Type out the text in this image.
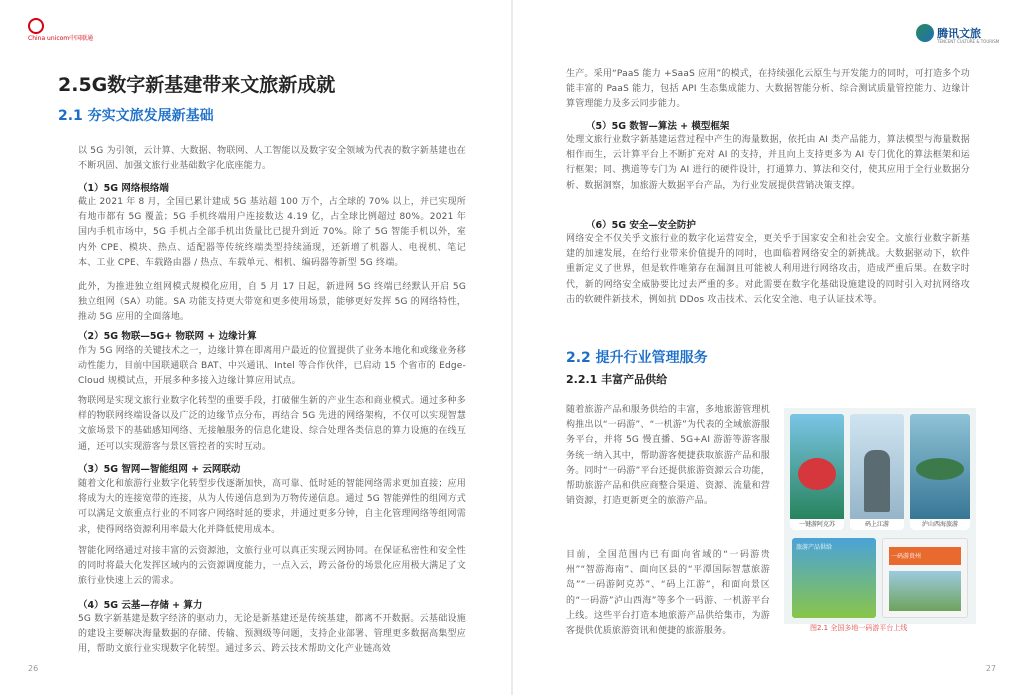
China unicom中国联通
2.5G数字新基建带来文旅新成就
2.1 夯实文旅发展新基础

以 5G 为引领，云计算、大数据、物联网、人工智能以及数字安全领域为代表的数字新基建也在不断巩固、加强文旅行业基础数字化底座能力。

（1）5G 网络根络端

截止 2021 年 8 月，全国已累计建成 5G 基站超 100 万个，占全球的 70% 以上，并已实现所有地市都有 5G 覆盖；5G 手机终端用户连接数达 4.19 亿，占全球比例超过 80%。2021 年国内手机市场中，5G 手机占全部手机出货量比已提升到近 70%。除了 5G 智能手机以外，室内外 CPE、模块、热点、适配器等传统终端类型持续涌现，还新增了机器人、电视机、笔记本、工业 CPE、车载路由器 / 热点、车载单元、相机、编码器等新型 5G 终端。

此外，为推进独立组网模式规模化应用，自 5 月 17 日起，新进网 5G 终端已经默认开启 5G 独立组网（SA）功能。SA 功能支持更大带宽和更多使用场景，能够更好发挥 5G 的网络特性，推动 5G 应用的全面落地。

（2）5G 物联—5G+ 物联网 + 边缘计算

作为 5G 网络的关键技术之一，边缘计算在即离用户最近的位置提供了业务本地化和或缘业务移动性能力，目前中国联通联合 BAT、中兴通讯、Intel 等合作伙伴，已启动 15 个省市的 Edge-Cloud 规模试点，开展多种多接入边缘计算应用试点。

物联网是实现文旅行业数字化转型的重要手段，打破催生新的产业生态和商业模式。通过多种多样的物联网终端设备以及广泛的边缘节点分布，再结合 5G 先进的网络架构，不仅可以实现智慧文旅场景下的基础感知网络、无接触服务的信息化建设、综合处理各类信息的算力设施的在线互通，还可以实现游客与景区管控者的实时互动。

（3）5G 智网—智能组网 + 云网联动

随着文化和旅游行业数字化转型步伐逐渐加快，高可靠、低时延的智能网络需求更加直接；应用将成为大的连接宽带的连接，从为人传递信息到为万物传递信息。通过 5G 智能弹性的组网方式可以满足文旅重点行业的不同客户网络时延的要求，并通过更多分钟，自主化管理网络等组网需求，使得网络资源利用率最大化并降低使用成本。

智能化网络通过对接丰富的云资源池，文旅行业可以真正实现云网协同。在保证私密性和安全性的同时将最大化发挥区域内的云资源调度能力，一点入云，跨云备份的场景化应用极大满足了文旅行业快速上云的需求。

（4）5G 云基—存储 + 算力

5G 数字新基建是数字经济的驱动力，无论是新基建还是传统基建，都离不开数据。云基础设施的建设主要解决海量数据的存储、传输、预测级等问题，支持企业部署、管理更多数据高集型应用，帮助文旅行业实现数字化转型。通过多云、跨云技术帮助文化产业链高效

26
腾讯文旅
TENCENT CULTURE & TOURISM

生产。采用“PaaS 能力 +SaaS 应用”的模式，在持续强化云原生与开发能力的同时，可打造多个功能丰富的 PaaS 能力，包括 API 生态集成能力、大数据智能分析、综合测试质量管控能力、边缘计算管理能力及多云同步能力。

（5）5G 数智—算法 + 模型框架

处理文旅行业数字新基建运营过程中产生的海量数据，依托由 AI 类产品能力，算法模型与海量数据相作而生，云计算平台上不断扩充对 AI 的支持，并且向上支持更多为 AI 专门优化的算法框架和运行框架；同、携道等专门为 AI 进行的硬件设计，打通算力、算法和交付，使其应用于全行业数据分析、数据洞察，加旅游大数据平台产品，为行业发展提供营销决策支撑。

（6）5G 安全—安全防护

网络安全不仅关乎文旅行业的数字化运营安全，更关乎于国家安全和社会安全。文旅行业数字新基建的加速发展，在给行业带来价值提升的同时，也面临着网络安全的新挑战。大数据驱动下，软件重新定义了世界，但是软件唯第存在漏洞且可能被人利用进行网络攻击，造成严重后果。在数字时代，新的网络安全威胁要比过去严重的多。对此需要在数字化基础设施建设的同时引入对抗网络攻击的软硬件新技术，例如抗 DDos 攻击技术、云化安全池、电子认证技术等。

2.2 提升行业管理服务
2.2.1 丰富产品供给

随着旅游产品和服务供给的丰富，多地旅游管理机构推出以“一码游”、“一机游”为代表的全域旅游服务平台，并将 5G 慢直播、5G+AI 游游等游客服务统一纳入其中，帮助游客便捷获取旅游产品和服务。同时“一码游”平台还提供旅游资源云合功能，帮助旅游产品和供应商整合渠道、资源、流量和营销资源，打造更新更全的旅游产品。

目前，全国范围内已有面向省域的“一码游贵州”“智游海南”、面向区县的“平潭国际智慧旅游岛”“一码游阿克苏”、“码上江游”，和面向景区的“一码游”泸山西海”等多个一码游、一机游平台上线。这些平台打造本地旅游产品供给集市，为游客提供优质旅游资讯和便捷的旅游服务。

一键游阿克苏	码上江游	泸山西海旅游
旅游产品供给
一码游贵州
图2.1 全国多地一码游平台上线
27
